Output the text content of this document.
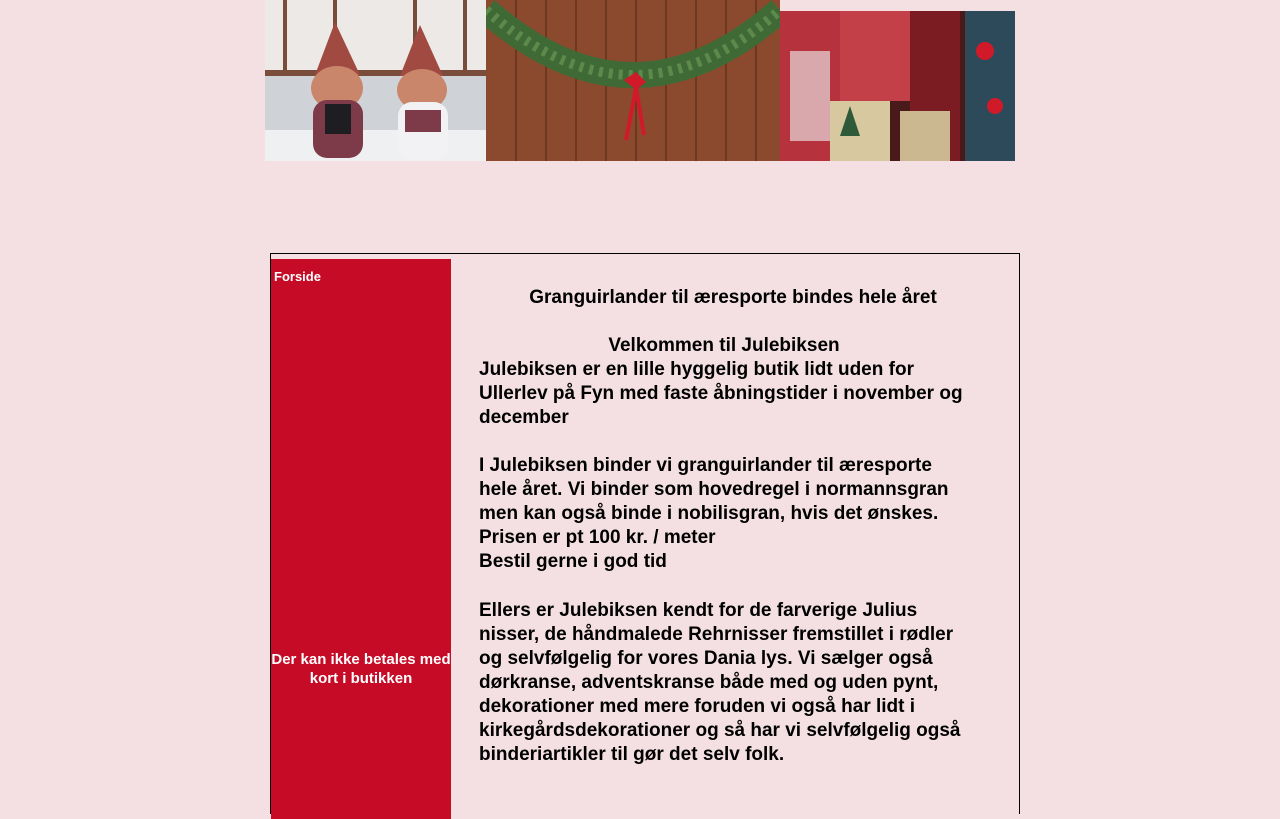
Forside
Der kan ikke betales med kort i butikken

Granguirlander til æresporte bindes hele året

Velkommen til Julebiksen

Julebiksen er en lille hyggelig butik lidt uden for Ullerlev på Fyn med faste åbningstider i november og december

I Julebiksen binder vi granguirlander til æresporte hele året. Vi binder som hovedregel i normannsgran men kan også binde i nobilisgran, hvis det ønskes.

Prisen er pt 100 kr. / meter

Bestil gerne i god tid

Ellers er Julebiksen kendt for de farverige Julius nisser, de håndmalede Rehrnisser fremstillet i rødler og selvfølgelig for vores Dania lys. Vi sælger også dørkranse, adventskranse både med og uden pynt, dekorationer med mere foruden vi også har lidt i kirkegårdsdekorationer og så har vi selvfølgelig også binderiartikler til gør det selv folk.
